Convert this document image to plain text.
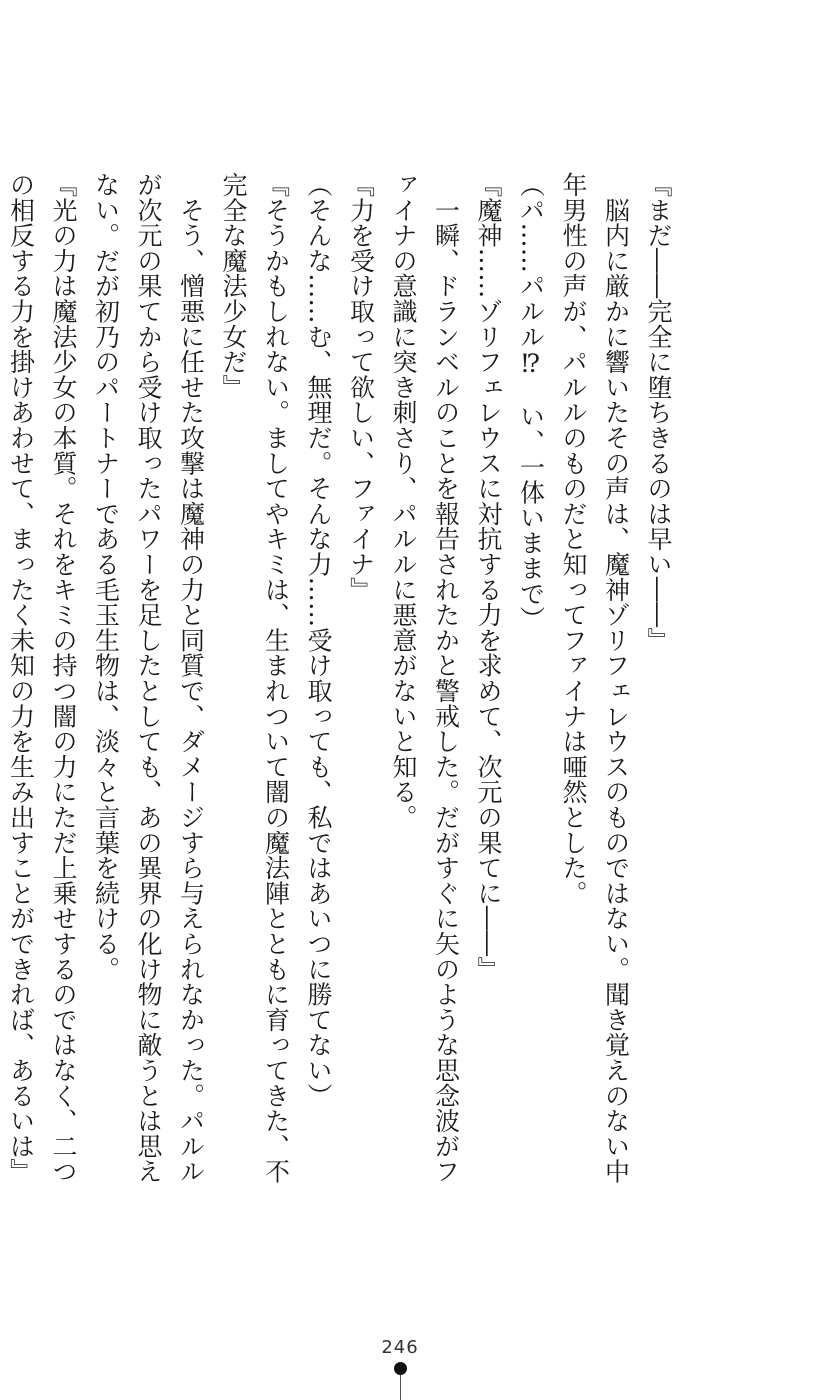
『まだ――完全に堕ちきるのは早い――』
　脳内に厳かに響いたその声は、魔神ゾリフェレウスのものではない。聞き覚えのない中
年男性の声が、パルルのものだと知ってファイナは唖然とした。
（パ……パルル⁉　い、一体いままで）
『魔神……ゾリフェレウスに対抗する力を求めて、次元の果てに――』
　一瞬、ドランベルのことを報告されたかと警戒した。だがすぐに矢のような思念波がフ
ァイナの意識に突き刺さり、パルルに悪意がないと知る。
『力を受け取って欲しい、ファイナ』
（そんな……む、無理だ。そんな力……受け取っても、私ではあいつに勝てない）
『そうかもしれない。ましてやキミは、生まれついて闇の魔法陣とともに育ってきた、不
完全な魔法少女だ』
　そう、憎悪に任せた攻撃は魔神の力と同質で、ダメージすら与えられなかった。パルル
が次元の果てから受け取ったパワーを足したとしても、あの異界の化け物に敵うとは思え
ない。だが初乃のパートナーである毛玉生物は、淡々と言葉を続ける。
『光の力は魔法少女の本質。それをキミの持つ闇の力にただ上乗せするのではなく、二つ
の相反する力を掛けあわせて、まったく未知の力を生み出すことができれば、あるいは』
246
